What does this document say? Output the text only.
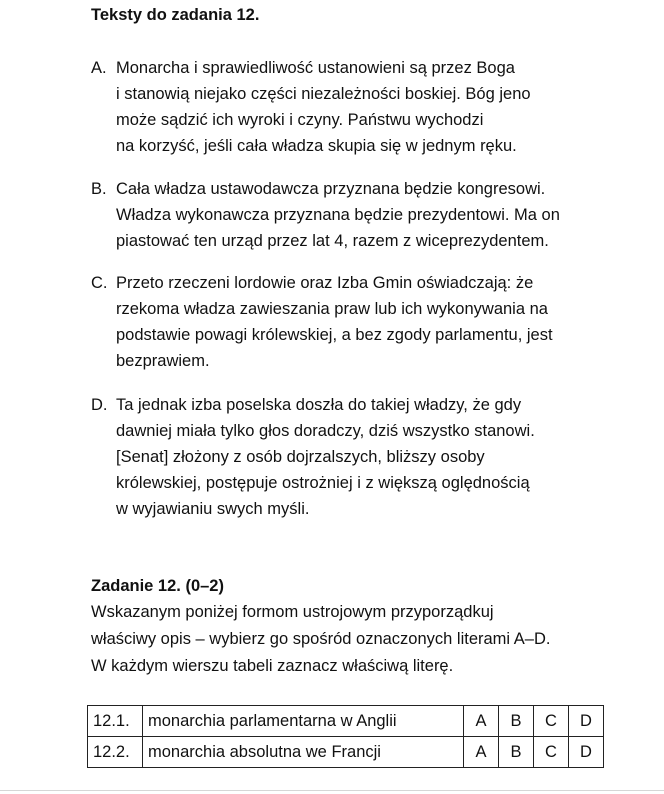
Teksty do zadania 12.
A. Monarcha i sprawiedliwość ustanowieni są przez Boga
i stanowią niejako części niezależności boskiej. Bóg jeno
może sądzić ich wyroki i czyny. Państwu wychodzi
na korzyść, jeśli cała władza skupia się w jednym ręku.
B. Cała władza ustawodawcza przyznana będzie kongresowi.
Władza wykonawcza przyznana będzie prezydentowi. Ma on
piastować ten urząd przez lat 4, razem z wiceprezydentem.
C. Przeto rzeczeni lordowie oraz Izba Gmin oświadczają: że
rzekoma władza zawieszania praw lub ich wykonywania na
podstawie powagi królewskiej, a bez zgody parlamentu, jest
bezprawiem.
D. Ta jednak izba poselska doszła do takiej władzy, że gdy
dawniej miała tylko głos doradczy, dziś wszystko stanowi.
[Senat] złożony z osób dojrzalszych, bliższy osoby
królewskiej, postępuje ostrożniej i z większą oględnością
w wyjawianiu swych myśli.
Zadanie 12. (0–2)
Wskazanym poniżej formom ustrojowym przyporządkuj
właściwy opis – wybierz go spośród oznaczonych literami A–D.
W każdym wierszu tabeli zaznacz właściwą literę.
12.1.	monarchia parlamentarna w Anglii	A	B	C	D
12.2.	monarchia absolutna we Francji	A	B	C	D
